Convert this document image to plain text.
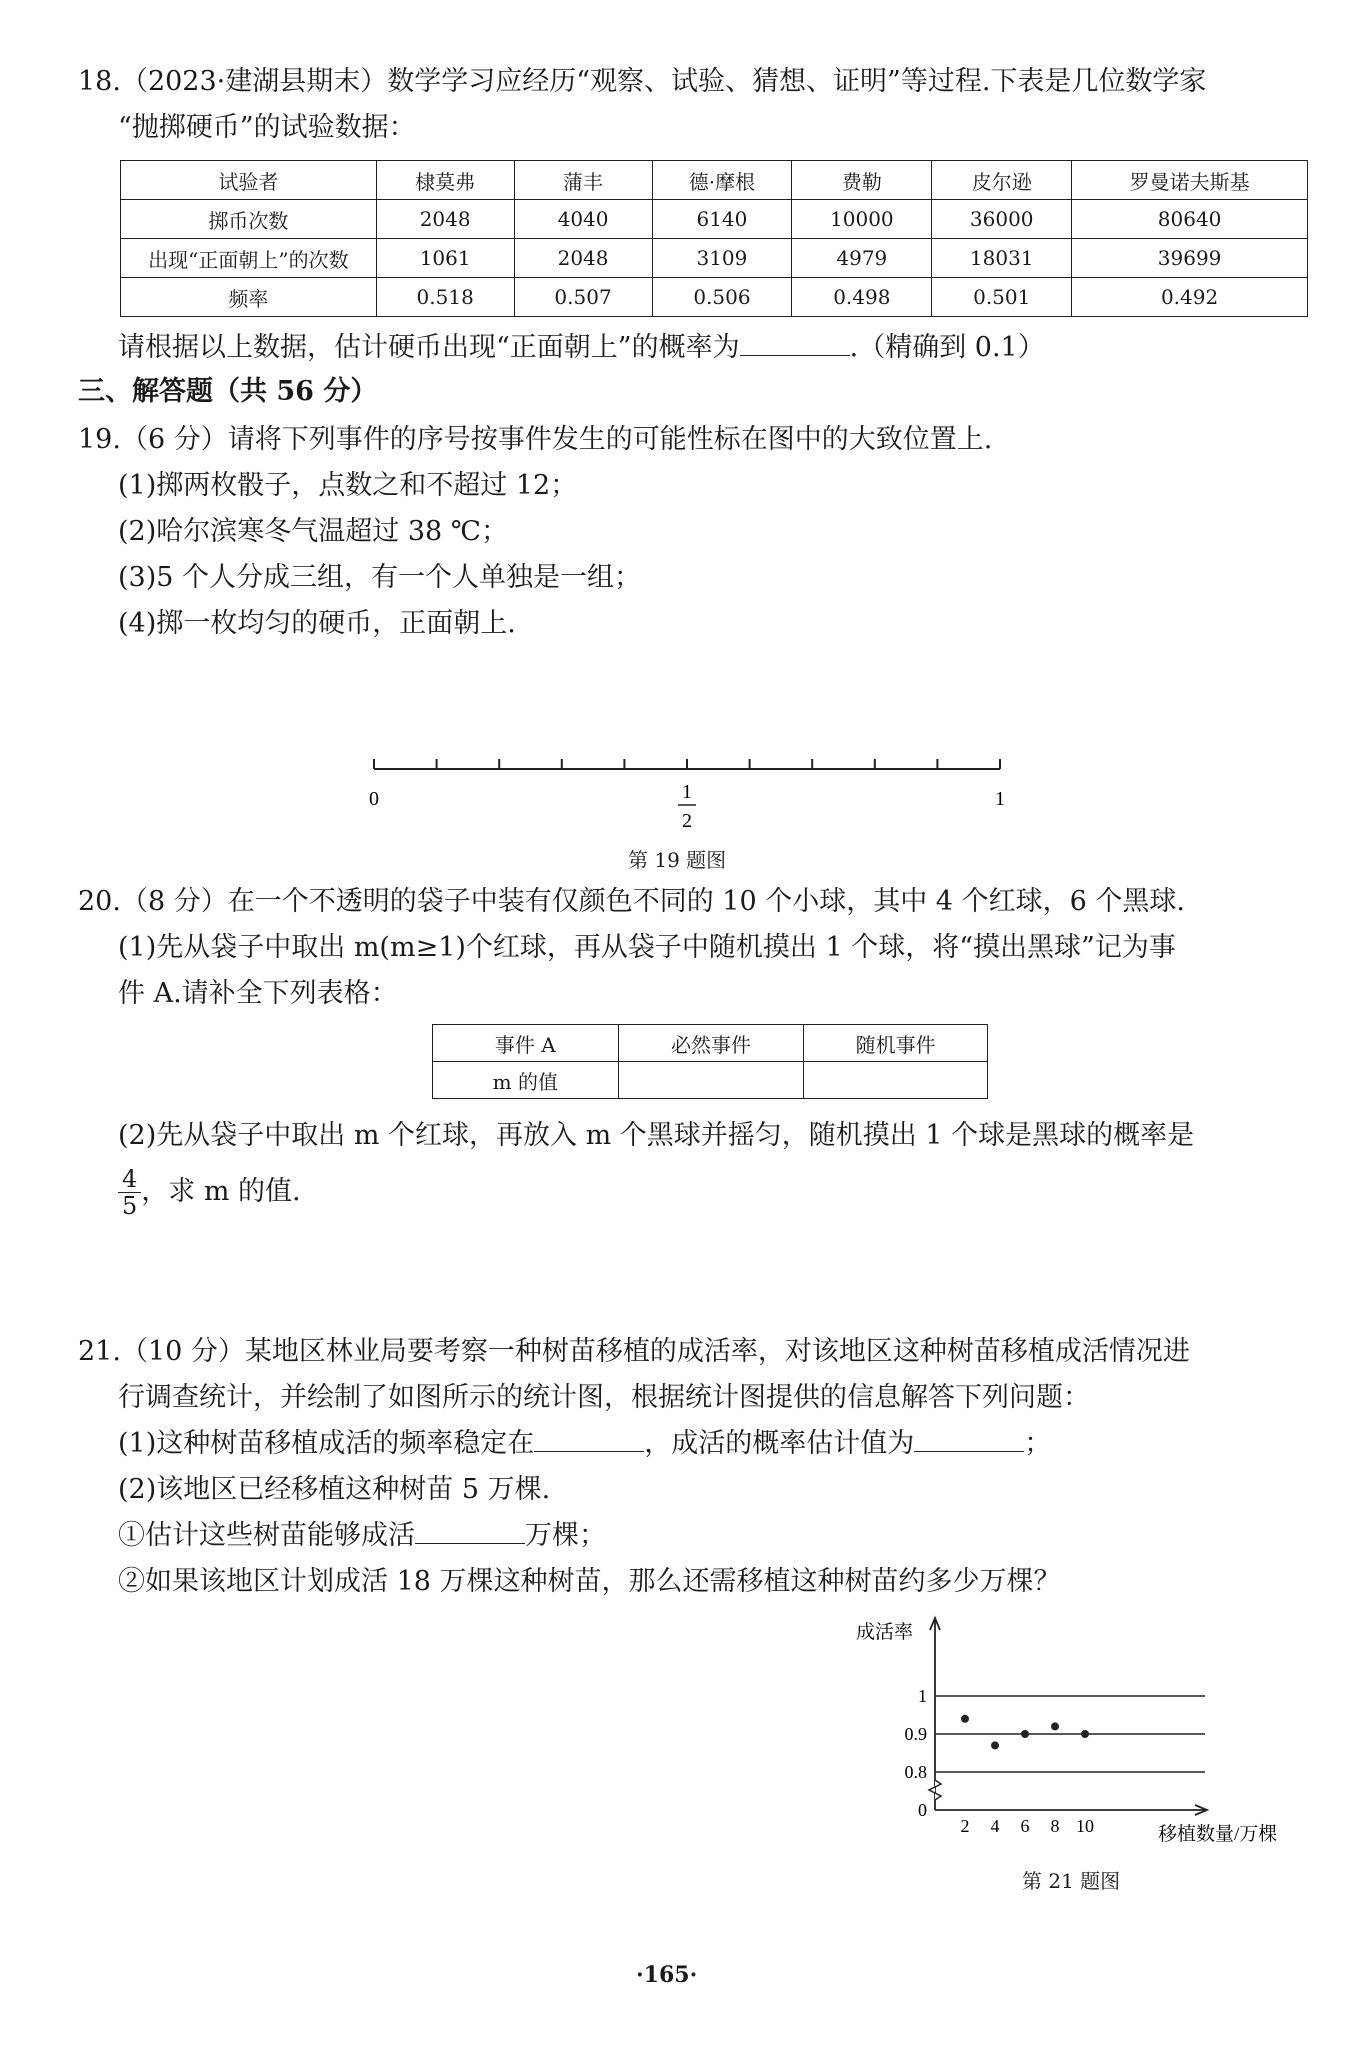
18.（2023·建湖县期末）数学学习应经历“观察、试验、猜想、证明”等过程.下表是几位数学家
“抛掷硬币”的试验数据：
试验者	棣莫弗	蒲丰	德·摩根	费勒	皮尔逊	罗曼诺夫斯基
掷币次数	2048	4040	6140	10000	36000	80640
出现“正面朝上”的次数	1061	2048	3109	4979	18031	39699
频率	0.518	0.507	0.506	0.498	0.501	0.492
请根据以上数据，估计硬币出现“正面朝上”的概率为	.（精确到 0.1）
三、解答题（共 56 分）
19.（6 分）请将下列事件的序号按事件发生的可能性标在图中的大致位置上.
(1)掷两枚骰子，点数之和不超过 12；
(2)哈尔滨寒冬气温超过 38 ℃；
(3)5 个人分成三组，有一个人单独是一组；
(4)掷一枚均匀的硬币，正面朝上.
0	1
2
1
第 19 题图
20.（8 分）在一个不透明的袋子中装有仅颜色不同的 10 个小球，其中 4 个红球，6 个黑球.
(1)先从袋子中取出 m(m≥1)个红球，再从袋子中随机摸出 1 个球，将“摸出黑球”记为事
件 A.请补全下列表格：
事件 A	必然事件	随机事件
m 的值		
(2)先从袋子中取出 m 个红球，再放入 m 个黑球并摇匀，随机摸出 1 个球是黑球的概率是
$\frac{4}{5}$ ，求 m 的值.
21.（10 分）某地区林业局要考察一种树苗移植的成活率，对该地区这种树苗移植成活情况进
行调查统计，并绘制了如图所示的统计图，根据统计图提供的信息解答下列问题：
(1)这种树苗移植成活的频率稳定在	，成活的概率估计值为	；
(2)该地区已经移植这种树苗 5 万棵.
①估计这些树苗能够成活	万棵；
②如果该地区计划成活 18 万棵这种树苗，那么还需移植这种树苗约多少万棵？
0
0.8
0.9
1
2 4 6 8 10
成活率
移植数量/万棵
第 21 题图
·165·
